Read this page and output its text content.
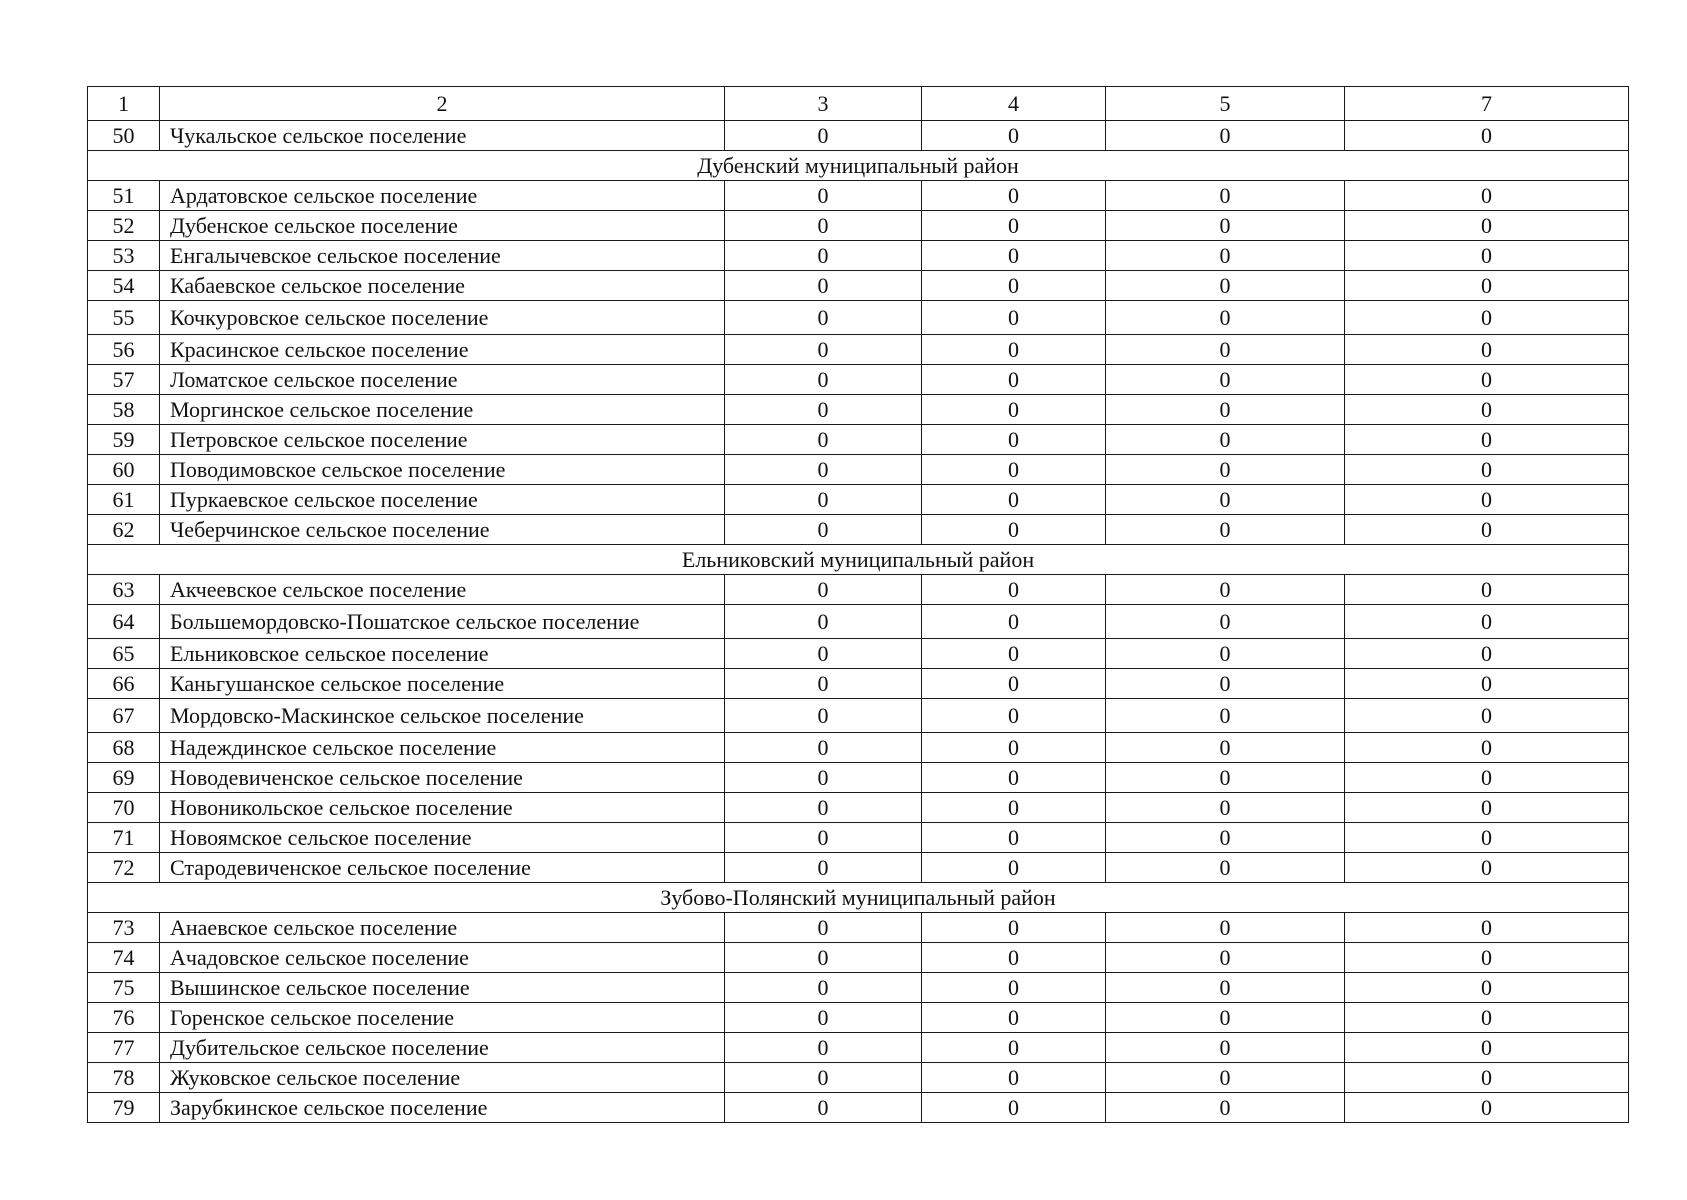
1	2	3	4	5	7
50	Чукальское сельское поселение	0	0	0	0
Дубенский муниципальный район					
51	Ардатовское сельское поселение	0	0	0	0
52	Дубенское сельское поселение	0	0	0	0
53	Енгалычевское сельское поселение	0	0	0	0
54	Кабаевское сельское поселение	0	0	0	0
55	Кочкуровское сельское поселение	0	0	0	0
56	Красинское сельское поселение	0	0	0	0
57	Ломатское сельское поселение	0	0	0	0
58	Моргинское сельское поселение	0	0	0	0
59	Петровское сельское поселение	0	0	0	0
60	Поводимовское сельское поселение	0	0	0	0
61	Пуркаевское сельское поселение	0	0	0	0
62	Чеберчинское сельское поселение	0	0	0	0
Ельниковский муниципальный район					
63	Акчеевское сельское поселение	0	0	0	0
64	Большемордовско-Пошатское сельское поселение	0	0	0	0
65	Ельниковское сельское поселение	0	0	0	0
66	Каньгушанское сельское поселение	0	0	0	0
67	Мордовско-Маскинское сельское поселение	0	0	0	0
68	Надеждинское сельское поселение	0	0	0	0
69	Новодевиченское сельское поселение	0	0	0	0
70	Новоникольское сельское поселение	0	0	0	0
71	Новоямское сельское поселение	0	0	0	0
72	Стародевиченское сельское поселение	0	0	0	0
Зубово-Полянский муниципальный район					
73	Анаевское сельское поселение	0	0	0	0
74	Ачадовское сельское поселение	0	0	0	0
75	Вышинское сельское поселение	0	0	0	0
76	Горенское сельское поселение	0	0	0	0
77	Дубительское сельское поселение	0	0	0	0
78	Жуковское сельское поселение	0	0	0	0
79	Зарубкинское сельское поселение	0	0	0	0
